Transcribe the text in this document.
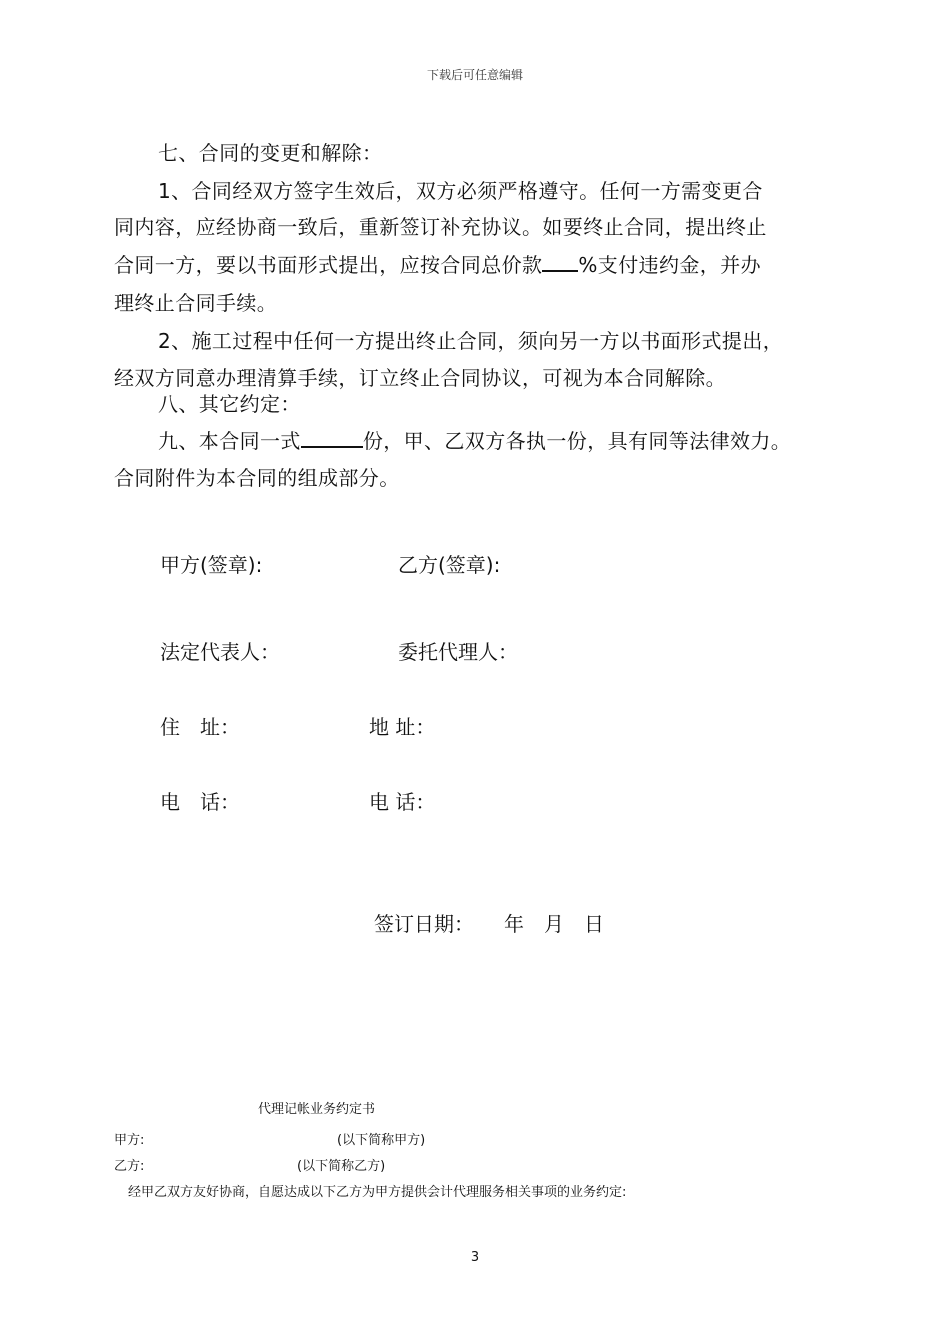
下载后可任意编辑
七、合同的变更和解除：
1、合同经双方签字生效后，双方必须严格遵守。任何一方需变更合
同内容，应经协商一致后，重新签订补充协议。如要终止合同，提出终止
合同一方，要以书面形式提出，应按合同总价款 %支付违约金，并办
理终止合同手续。
2、施工过程中任何一方提出终止合同，须向另一方以书面形式提出，
经双方同意办理清算手续，订立终止合同协议，可视为本合同解除。
八、其它约定：
九、本合同一式	份，甲、乙双方各执一份，具有同等法律效力。
合同附件为本合同的组成部分。
甲方(签章):	乙方(签章):
法定代表人：	委托代理人：
住　址：	地 址：
电　话：	电 话：
签订日期：　　年　月　日
代理记帐业务约定书
甲方:	(以下简称甲方)
乙方:	(以下简称乙方)
经甲乙双方友好协商，自愿达成以下乙方为甲方提供会计代理服务相关事项的业务约定:
3
